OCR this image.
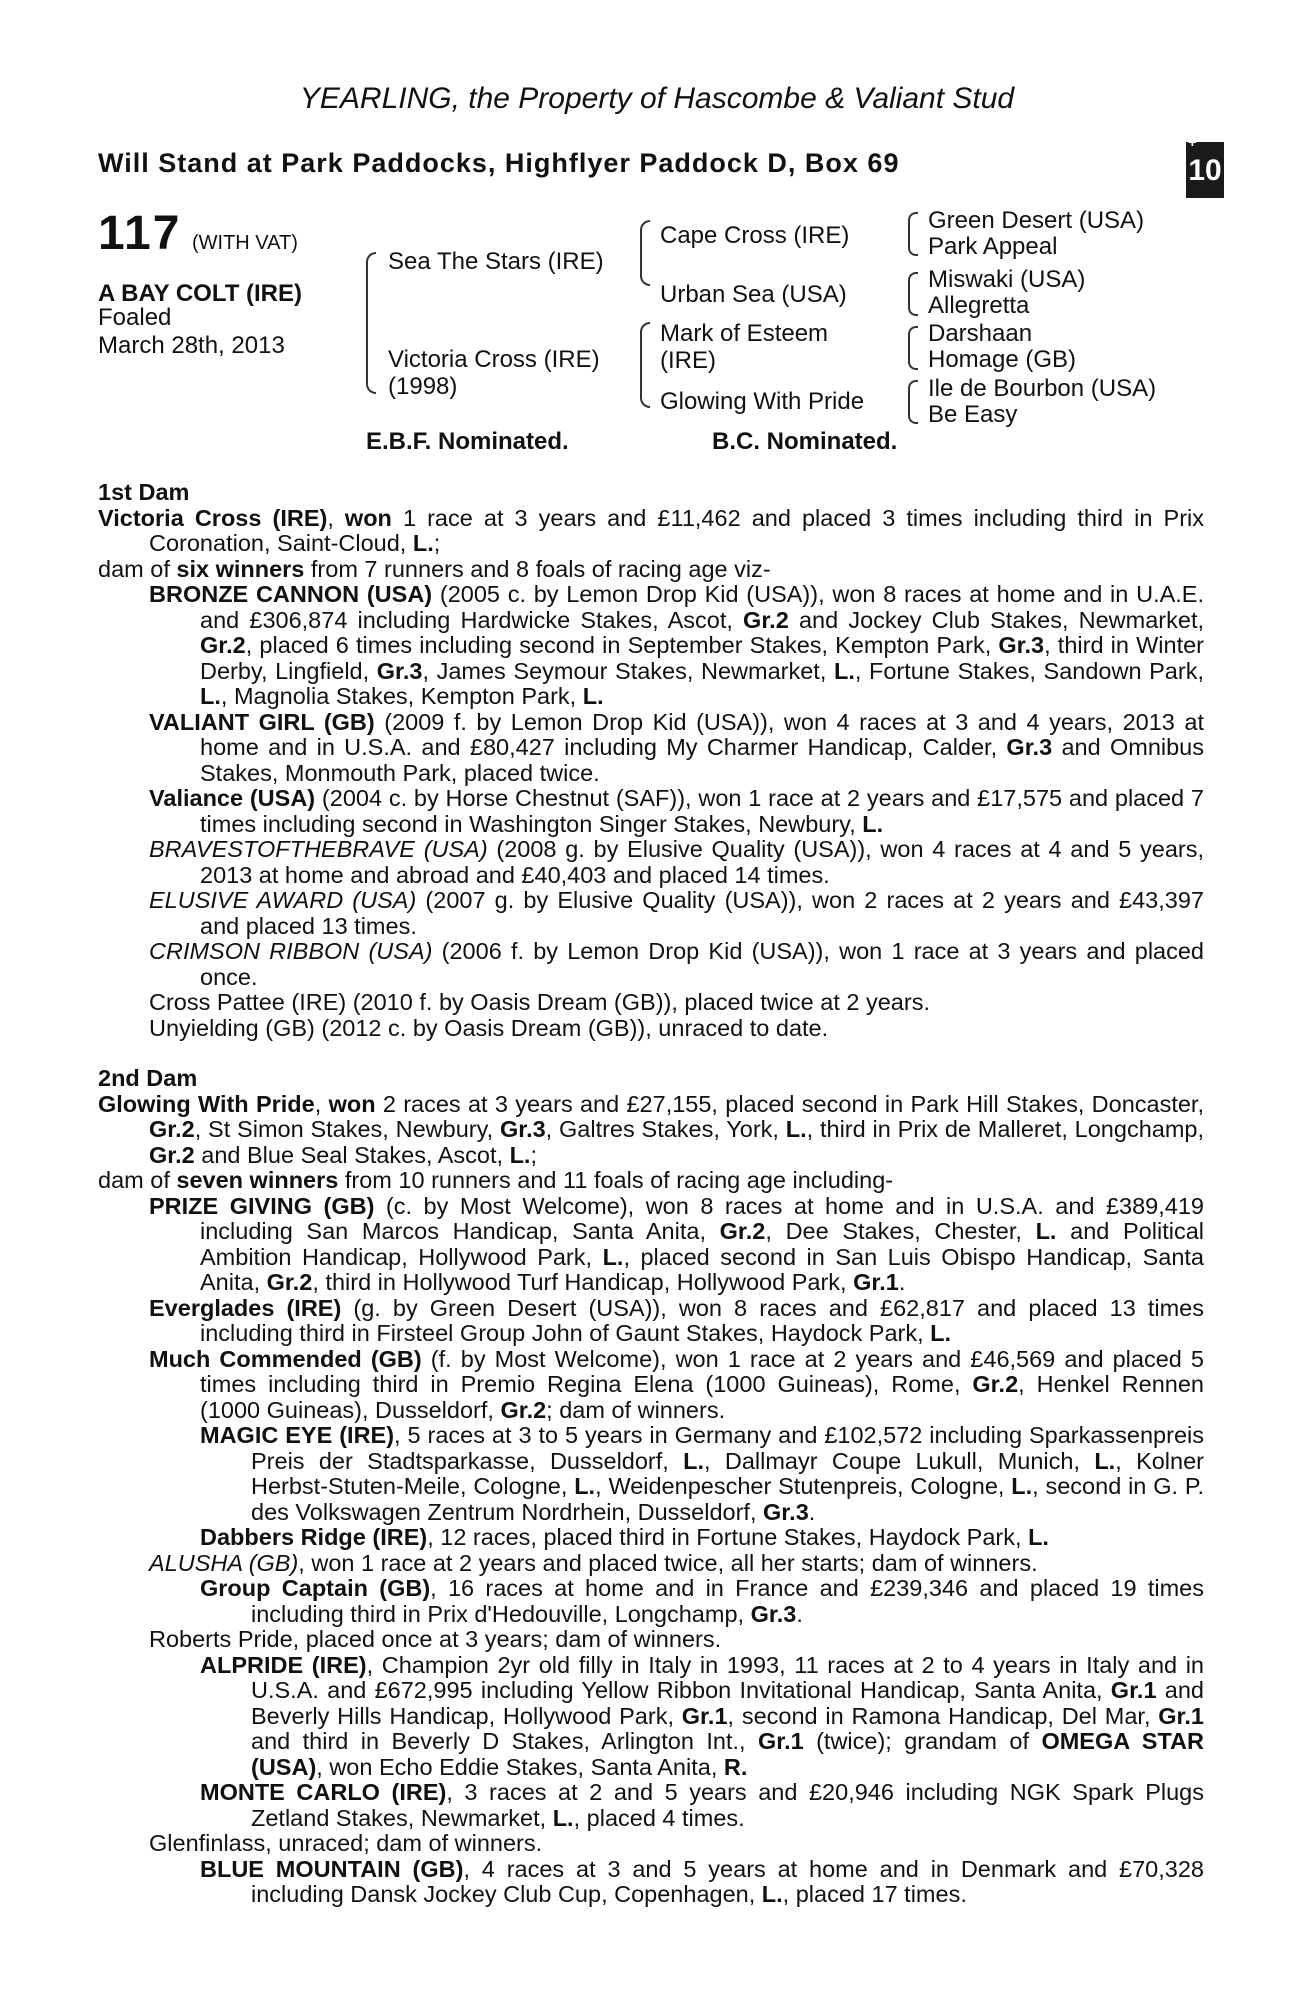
YEARLING, the Property of Hascombe & Valiant Stud
Will Stand at Park Paddocks, Highflyer Paddock D, Box 69
+
10
117 (WITH VAT)
A BAY COLT (IRE)
Foaled
March 28th, 2013
Sea The Stars (IRE)
Victoria Cross (IRE)
(1998)
Cape Cross (IRE)
Urban Sea (USA)
Mark of Esteem
(IRE)
Glowing With Pride
Green Desert (USA)
Park Appeal
Miswaki (USA)
Allegretta
Darshaan
Homage (GB)
Ile de Bourbon (USA)
Be Easy
E.B.F. Nominated.	B.C. Nominated.

1st Dam

Victoria Cross (IRE), won 1 race at 3 years and £11,462 and placed 3 times including third in Prix Coronation, Saint-Cloud, L.;

dam of six winners from 7 runners and 8 foals of racing age viz-

BRONZE CANNON (USA) (2005 c. by Lemon Drop Kid (USA)), won 8 races at home and in U.A.E. and £306,874 including Hardwicke Stakes, Ascot, Gr.2 and Jockey Club Stakes, Newmarket, Gr.2, placed 6 times including second in September Stakes, Kempton Park, Gr.3, third in Winter Derby, Lingfield, Gr.3, James Seymour Stakes, Newmarket, L., Fortune Stakes, Sandown Park, L., Magnolia Stakes, Kempton Park, L.

VALIANT GIRL (GB) (2009 f. by Lemon Drop Kid (USA)), won 4 races at 3 and 4 years, 2013 at home and in U.S.A. and £80,427 including My Charmer Handicap, Calder, Gr.3 and Omnibus Stakes, Monmouth Park, placed twice.

Valiance (USA) (2004 c. by Horse Chestnut (SAF)), won 1 race at 2 years and £17,575 and placed 7 times including second in Washington Singer Stakes, Newbury, L.

BRAVESTOFTHEBRAVE (USA) (2008 g. by Elusive Quality (USA)), won 4 races at 4 and 5 years, 2013 at home and abroad and £40,403 and placed 14 times.

ELUSIVE AWARD (USA) (2007 g. by Elusive Quality (USA)), won 2 races at 2 years and £43,397 and placed 13 times.

CRIMSON RIBBON (USA) (2006 f. by Lemon Drop Kid (USA)), won 1 race at 3 years and placed once.

Cross Pattee (IRE) (2010 f. by Oasis Dream (GB)), placed twice at 2 years.

Unyielding (GB) (2012 c. by Oasis Dream (GB)), unraced to date.

2nd Dam

Glowing With Pride, won 2 races at 3 years and £27,155, placed second in Park Hill Stakes, Doncaster, Gr.2, St Simon Stakes, Newbury, Gr.3, Galtres Stakes, York, L., third in Prix de Malleret, Longchamp, Gr.2 and Blue Seal Stakes, Ascot, L.;

dam of seven winners from 10 runners and 11 foals of racing age including-

PRIZE GIVING (GB) (c. by Most Welcome), won 8 races at home and in U.S.A. and £389,419 including San Marcos Handicap, Santa Anita, Gr.2, Dee Stakes, Chester, L. and Political Ambition Handicap, Hollywood Park, L., placed second in San Luis Obispo Handicap, Santa Anita, Gr.2, third in Hollywood Turf Handicap, Hollywood Park, Gr.1.

Everglades (IRE) (g. by Green Desert (USA)), won 8 races and £62,817 and placed 13 times including third in Firsteel Group John of Gaunt Stakes, Haydock Park, L.

Much Commended (GB) (f. by Most Welcome), won 1 race at 2 years and £46,569 and placed 5 times including third in Premio Regina Elena (1000 Guineas), Rome, Gr.2, Henkel Rennen (1000 Guineas), Dusseldorf, Gr.2; dam of winners.

MAGIC EYE (IRE), 5 races at 3 to 5 years in Germany and £102,572 including Sparkassenpreis Preis der Stadtsparkasse, Dusseldorf, L., Dallmayr Coupe Lukull, Munich, L., Kolner Herbst-Stuten-Meile, Cologne, L., Weidenpescher Stutenpreis, Cologne, L., second in G. P. des Volkswagen Zentrum Nordrhein, Dusseldorf, Gr.3.

Dabbers Ridge (IRE), 12 races, placed third in Fortune Stakes, Haydock Park, L.

ALUSHA (GB), won 1 race at 2 years and placed twice, all her starts; dam of winners.

Group Captain (GB), 16 races at home and in France and £239,346 and placed 19 times including third in Prix d'Hedouville, Longchamp, Gr.3.

Roberts Pride, placed once at 3 years; dam of winners.

ALPRIDE (IRE), Champion 2yr old filly in Italy in 1993, 11 races at 2 to 4 years in Italy and in U.S.A. and £672,995 including Yellow Ribbon Invitational Handicap, Santa Anita, Gr.1 and Beverly Hills Handicap, Hollywood Park, Gr.1, second in Ramona Handicap, Del Mar, Gr.1 and third in Beverly D Stakes, Arlington Int., Gr.1 (twice); grandam of OMEGA STAR (USA), won Echo Eddie Stakes, Santa Anita, R.

MONTE CARLO (IRE), 3 races at 2 and 5 years and £20,946 including NGK Spark Plugs Zetland Stakes, Newmarket, L., placed 4 times.

Glenfinlass, unraced; dam of winners.

BLUE MOUNTAIN (GB), 4 races at 3 and 5 years at home and in Denmark and £70,328 including Dansk Jockey Club Cup, Copenhagen, L., placed 17 times.
